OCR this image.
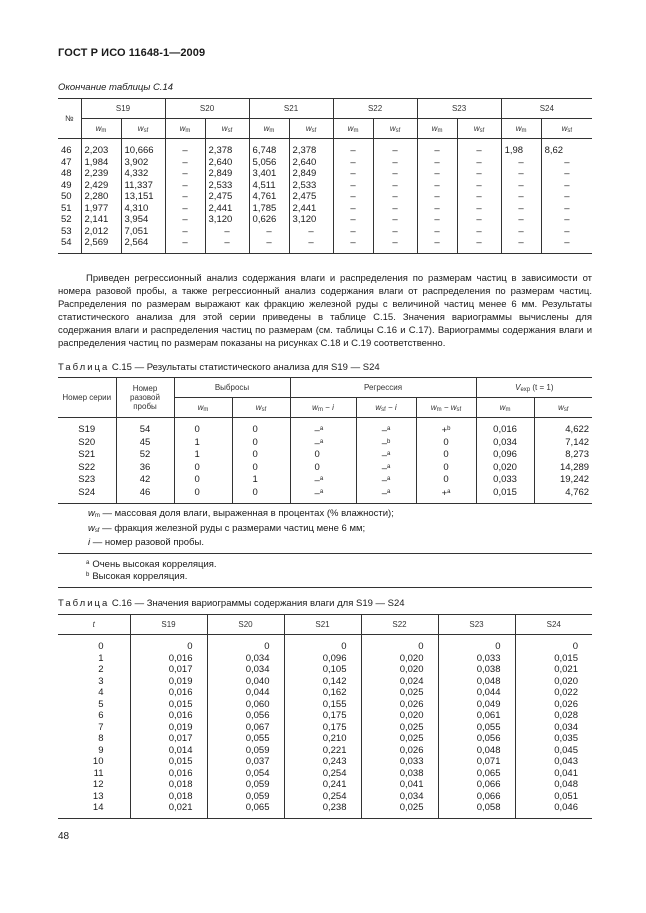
ГОСТ Р ИСО 11648-1—2009
Окончание таблицы С.14
№	S19		S20		S21		S22		S23		S24	
	wm	wsf	wm	wsf	wm	wsf	wm	wsf	wm	wsf	wm	wsf
46	2,203	10,666	–	2,378	6,748	2,378	–	–	–	–	1,98	8,62
47	1,984	3,902	–	2,640	5,056	2,640	–	–	–	–	–	–
48	2,239	4,332	–	2,849	3,401	2,849	–	–	–	–	–	–
49	2,429	11,337	–	2,533	4,511	2,533	–	–	–	–	–	–
50	2,280	13,151	–	2,475	4,761	2,475	–	–	–	–	–	–
51	1,977	4,310	–	2,441	1,785	2,441	–	–	–	–	–	–
52	2,141	3,954	–	3,120	0,626	3,120	–	–	–	–	–	–
53	2,012	7,051	–	–	–	–	–	–	–	–	–	–
54	2,569	2,564	–	–	–	–	–	–	–	–	–	–

Приведен регрессионный анализ содержания влаги и распределения по размерам частиц в зависимости от номера разовой пробы, а также регрессионный анализ содержания влаги от распределения по размерам частиц. Распределения по размерам выражают как фракцию железной руды с величиной частиц менее 6 мм. Результаты статистического анализа для этой серии приведены в таблице С.15. Значения вариограммы вычислены для содержания влаги и распределения частиц по размерам (см. таблицы С.16 и С.17). Вариограммы содержания влаги и распределения частиц по размерам показаны на рисунках С.18 и С.19 соответственно.

Таблица С.15 — Результаты статистического анализа для S19 — S24
Номер серии	Номер разовой пробы	Выбросы		Регрессия			Vexp (t = 1)	
		wm	wsf	wm − i	wsf − i	wm − wsf	wm	wsf
S19	54	0	0	–$^a$	–$^a$	+$^b$	0,016	4,622
S20	45	1	0	–$^a$	–$^b$	0	0,034	7,142
S21	52	1	0	0	–$^a$	0	0,096	8,273
S22	36	0	0	0	–$^a$	0	0,020	14,289
S23	42	0	1	–$^a$	–$^a$	0	0,033	19,242
S24	46	0	0	–$^a$	–$^a$	+$^a$	0,015	4,762

wm — массовая доля влаги, выраженная в процентах (% влажности);
wsf — фракция железной руды с размерами частиц мене 6 мм;
i — номер разовой пробы.								

$^a$ Очень высокая корреляция.
$^b$ Высокая корреляция.								
Таблица С.16 — Значения вариограммы содержания влаги для S19 — S24
t	S19	S20	S21	S22	S23	S24
0	0	0	0	0	0	0
1	0,016	0,034	0,096	0,020	0,033	0,015
2	0,017	0,034	0,105	0,020	0,038	0,021
3	0,019	0,040	0,142	0,024	0,048	0,020
4	0,016	0,044	0,162	0,025	0,044	0,022
5	0,015	0,060	0,155	0,026	0,049	0,026
6	0,016	0,056	0,175	0,020	0,061	0,028
7	0,019	0,067	0,175	0,025	0,055	0,034
8	0,017	0,055	0,210	0,025	0,056	0,035
9	0,014	0,059	0,221	0,026	0,048	0,045
10	0,015	0,037	0,243	0,033	0,071	0,043
11	0,016	0,054	0,254	0,038	0,065	0,041
12	0,018	0,059	0,241	0,041	0,066	0,048
13	0,018	0,059	0,254	0,034	0,066	0,051
14	0,021	0,065	0,238	0,025	0,058	0,046
48
